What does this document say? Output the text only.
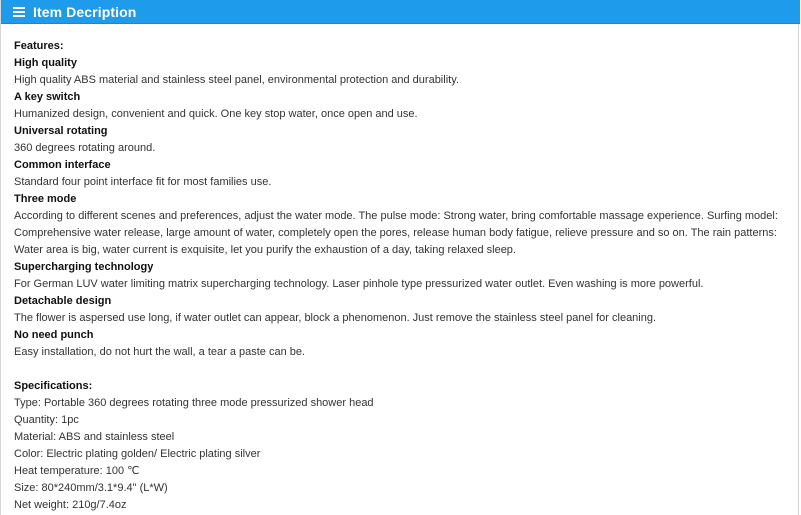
Item Decription
Features:
High quality
High quality ABS material and stainless steel panel, environmental protection and durability.
A key switch
Humanized design, convenient and quick. One key stop water, once open and use.
Universal rotating
360 degrees rotating around.
Common interface
Standard four point interface fit for most families use.
Three mode
According to different scenes and preferences, adjust the water mode. The pulse mode: Strong water, bring comfortable massage experience. Surfing model:
Comprehensive water release, large amount of water, completely open the pores, release human body fatigue, relieve pressure and so on. The rain patterns:
Water area is big, water current is exquisite, let you purify the exhaustion of a day, taking relaxed sleep.
Supercharging technology
For German LUV water limiting matrix supercharging technology. Laser pinhole type pressurized water outlet. Even washing is more powerful.
Detachable design
The flower is aspersed use long, if water outlet can appear, block a phenomenon. Just remove the stainless steel panel for cleaning.
No need punch
Easy installation, do not hurt the wall, a tear a paste can be.
Specifications:
Type: Portable 360 degrees rotating three mode pressurized shower head
Quantity: 1pc
Material: ABS and stainless steel
Color: Electric plating golden/ Electric plating silver
Heat temperature: 100 ℃
Size: 80*240mm/3.1*9.4" (L*W)
Net weight: 210g/7.4oz
